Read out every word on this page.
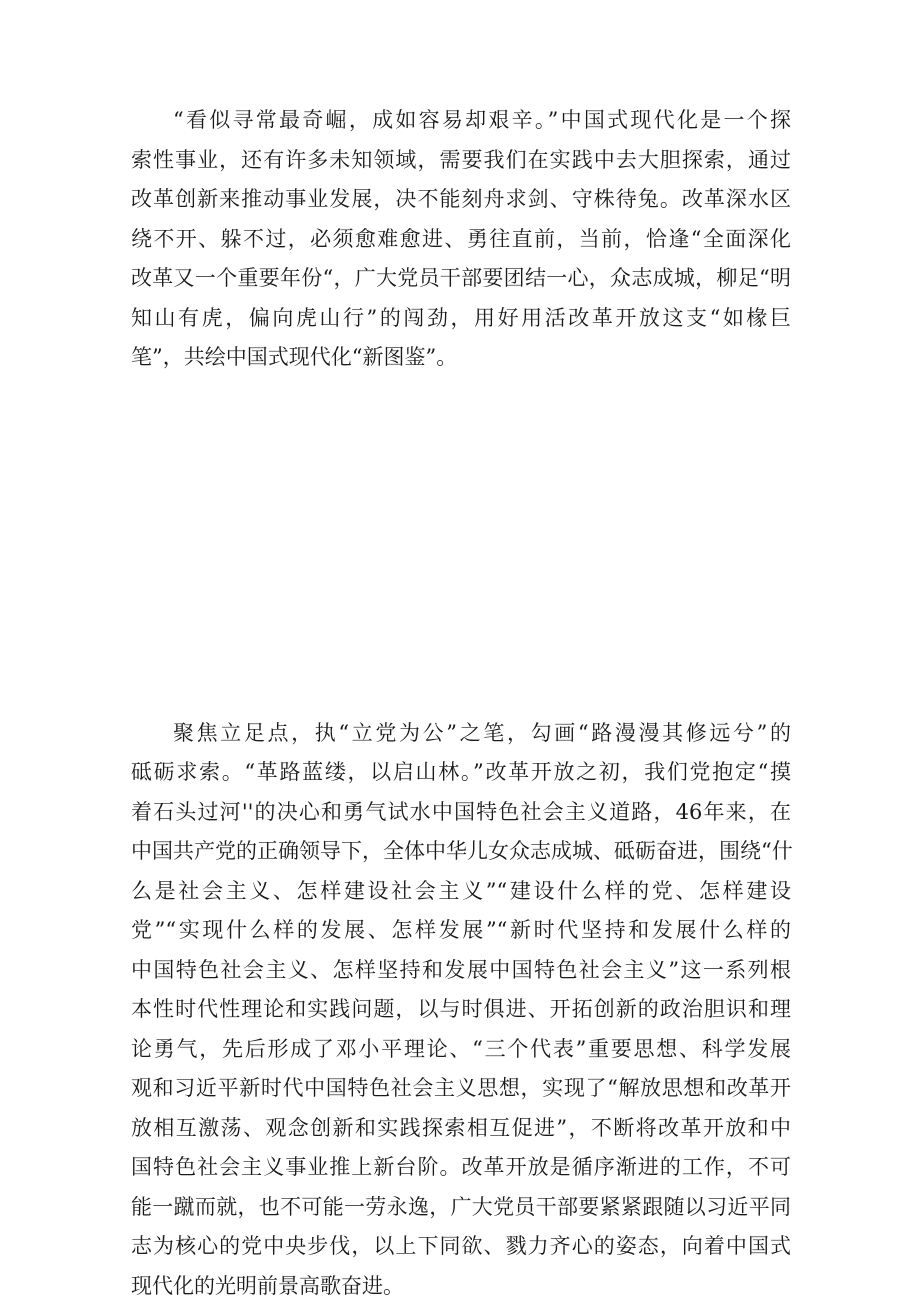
“看似寻常最奇崛，成如容易却艰辛。”中国式现代化是一个探
索性事业，还有许多未知领域，需要我们在实践中去大胆探索，通过
改革创新来推动事业发展，决不能刻舟求剑、守株待兔。改革深水区
绕不开、躲不过，必须愈难愈进、勇往直前，当前，恰逢“全面深化
改革又一个重要年份“，广大党员干部要团结一心，众志成城，柳足“明
知山有虎，偏向虎山行”的闯劲，用好用活改革开放这支“如椽巨
笔”，共绘中国式现代化“新图鉴”。
聚焦立足点，执“立党为公”之笔，勾画“路漫漫其修远兮”的
砥砺求索。“革路蓝缕，以启山林。”改革开放之初，我们党抱定“摸
着石头过河''的决心和勇气试水中国特色社会主义道路，46年来，在
中国共产党的正确领导下，全体中华儿女众志成城、砥砺奋进，围绕“什
么是社会主义、怎样建设社会主义”“建设什么样的党、怎样建设
党”“实现什么样的发展、怎样发展”“新时代坚持和发展什么样的
中国特色社会主义、怎样坚持和发展中国特色社会主义”这一系列根
本性时代性理论和实践问题，以与时俱进、开拓创新的政治胆识和理
论勇气，先后形成了邓小平理论、“三个代表”重要思想、科学发展
观和习近平新时代中国特色社会主义思想，实现了“解放思想和改革开
放相互激荡、观念创新和实践探索相互促进”，不断将改革开放和中
国特色社会主义事业推上新台阶。改革开放是循序渐进的工作，不可
能一蹴而就，也不可能一劳永逸，广大党员干部要紧紧跟随以习近平同
志为核心的党中央步伐，以上下同欲、戮力齐心的姿态，向着中国式
现代化的光明前景高歌奋进。
